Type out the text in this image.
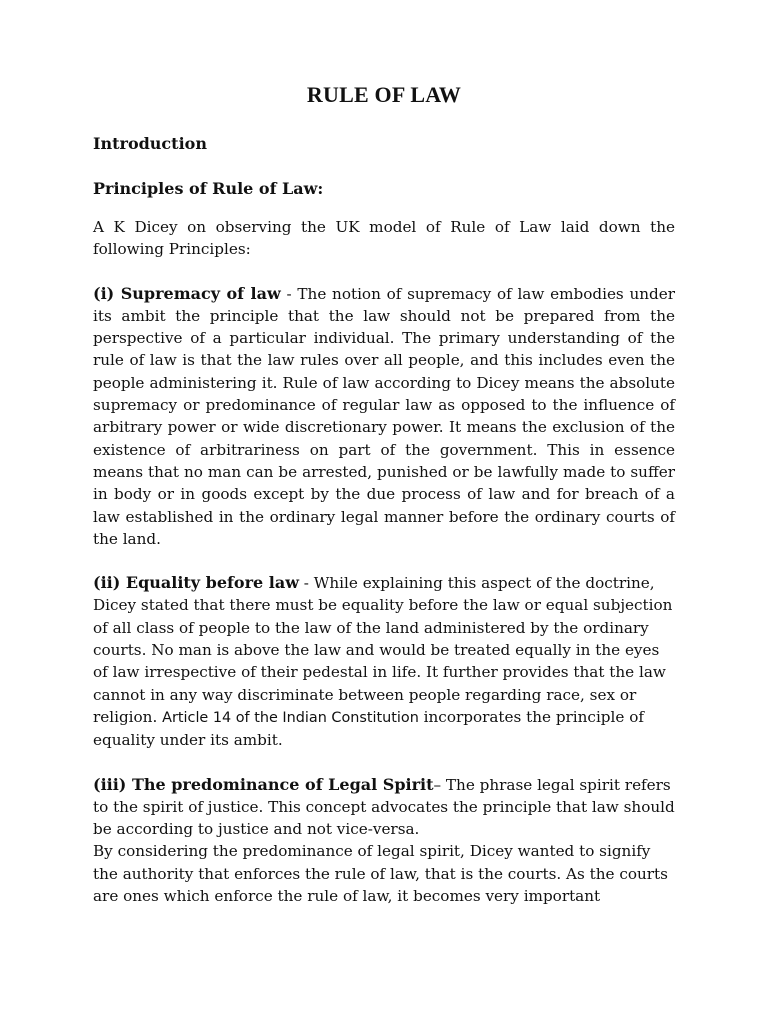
RULE OF LAW
Introduction
Principles of Rule of Law:

A K Dicey on observing the UK model of Rule of Law laid down the following Principles:

(i) Supremacy of law - The notion of supremacy of law embodies under its ambit the principle that the law should not be prepared from the perspective of a particular individual. The primary understanding of the rule of law is that the law rules over all people, and this includes even the people administering it. Rule of law according to Dicey means the absolute supremacy or predominance of regular law as opposed to the influence of arbitrary power or wide discretionary power. It means the exclusion of the existence of arbitrariness on part of the government. This in essence means that no man can be arrested, punished or be lawfully made to suffer in body or in goods except by the due process of law and for breach of a law established in the ordinary legal manner before the ordinary courts of the land.

(ii) Equality before law - While explaining this aspect of the doctrine, Dicey stated that there must be equality before the law or equal subjection of all class of people to the law of the land administered by the ordinary courts. No man is above the law and would be treated equally in the eyes of law irrespective of their pedestal in life. It further provides that the law cannot in any way discriminate between people regarding race, sex or religion. Article 14 of the Indian Constitution incorporates the principle of equality under its ambit.

(iii) The predominance of Legal Spirit– The phrase legal spirit refers to the spirit of justice. This concept advocates the principle that law should be according to justice and not vice-versa.

By considering the predominance of legal spirit, Dicey wanted to signify the authority that enforces the rule of law, that is the courts. As the courts are ones which enforce the rule of law, it becomes very important
